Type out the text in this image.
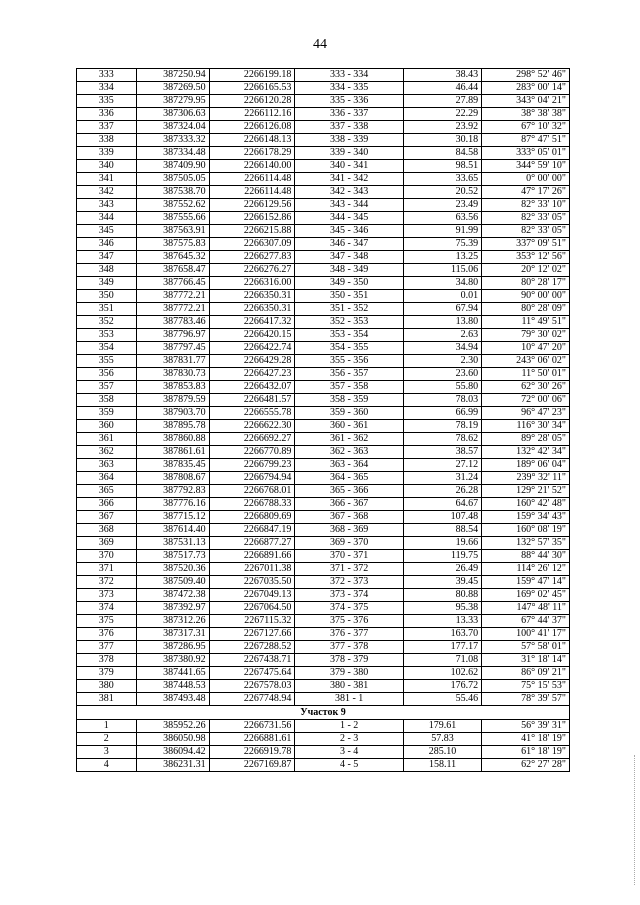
44
333	387250.94	2266199.18	333 - 334	38.43	298° 52' 46"
334	387269.50	2266165.53	334 - 335	46.44	283° 00' 14"
335	387279.95	2266120.28	335 - 336	27.89	343° 04' 21"
336	387306.63	2266112.16	336 - 337	22.29	38° 38' 38"
337	387324.04	2266126.08	337 - 338	23.92	67° 10' 32"
338	387333.32	2266148.13	338 - 339	30.18	87° 47' 51"
339	387334.48	2266178.29	339 - 340	84.58	333° 05' 01"
340	387409.90	2266140.00	340 - 341	98.51	344° 59' 10"
341	387505.05	2266114.48	341 - 342	33.65	0° 00' 00"
342	387538.70	2266114.48	342 - 343	20.52	47° 17' 26"
343	387552.62	2266129.56	343 - 344	23.49	82° 33' 10"
344	387555.66	2266152.86	344 - 345	63.56	82° 33' 05"
345	387563.91	2266215.88	345 - 346	91.99	82° 33' 05"
346	387575.83	2266307.09	346 - 347	75.39	337° 09' 51"
347	387645.32	2266277.83	347 - 348	13.25	353° 12' 56"
348	387658.47	2266276.27	348 - 349	115.06	20° 12' 02"
349	387766.45	2266316.00	349 - 350	34.80	80° 28' 17"
350	387772.21	2266350.31	350 - 351	0.01	90° 00' 00"
351	387772.21	2266350.31	351 - 352	67.94	80° 28' 09"
352	387783.46	2266417.32	352 - 353	13.80	11° 49' 51"
353	387796.97	2266420.15	353 - 354	2.63	79° 30' 02"
354	387797.45	2266422.74	354 - 355	34.94	10° 47' 20"
355	387831.77	2266429.28	355 - 356	2.30	243° 06' 02"
356	387830.73	2266427.23	356 - 357	23.60	11° 50' 01"
357	387853.83	2266432.07	357 - 358	55.80	62° 30' 26"
358	387879.59	2266481.57	358 - 359	78.03	72° 00' 06"
359	387903.70	2266555.78	359 - 360	66.99	96° 47' 23"
360	387895.78	2266622.30	360 - 361	78.19	116° 30' 34"
361	387860.88	2266692.27	361 - 362	78.62	89° 28' 05"
362	387861.61	2266770.89	362 - 363	38.57	132° 42' 34"
363	387835.45	2266799.23	363 - 364	27.12	189° 06' 04"
364	387808.67	2266794.94	364 - 365	31.24	239° 32' 11"
365	387792.83	2266768.01	365 - 366	26.28	129° 21' 52"
366	387776.16	2266788.33	366 - 367	64.67	160° 42' 48"
367	387715.12	2266809.69	367 - 368	107.48	159° 34' 43"
368	387614.40	2266847.19	368 - 369	88.54	160° 08' 19"
369	387531.13	2266877.27	369 - 370	19.66	132° 57' 35"
370	387517.73	2266891.66	370 - 371	119.75	88° 44' 30"
371	387520.36	2267011.38	371 - 372	26.49	114° 26' 12"
372	387509.40	2267035.50	372 - 373	39.45	159° 47' 14"
373	387472.38	2267049.13	373 - 374	80.88	169° 02' 45"
374	387392.97	2267064.50	374 - 375	95.38	147° 48' 11"
375	387312.26	2267115.32	375 - 376	13.33	67° 44' 37"
376	387317.31	2267127.66	376 - 377	163.70	100° 41' 17"
377	387286.95	2267288.52	377 - 378	177.17	57° 58' 01"
378	387380.92	2267438.71	378 - 379	71.08	31° 18' 14"
379	387441.65	2267475.64	379 - 380	102.62	86° 09' 21"
380	387448.53	2267578.03	380 - 381	176.72	75° 15' 53"
381	387493.48	2267748.94	381 - 1	55.46	78° 39' 57"
Участок 9					
1	385952.26	2266731.56	1 - 2	179.61	56° 39' 31"
2	386050.98	2266881.61	2 - 3	57.83	41° 18' 19"
3	386094.42	2266919.78	3 - 4	285.10	61° 18' 19"
4	386231.31	2267169.87	4 - 5	158.11	62° 27' 28"
